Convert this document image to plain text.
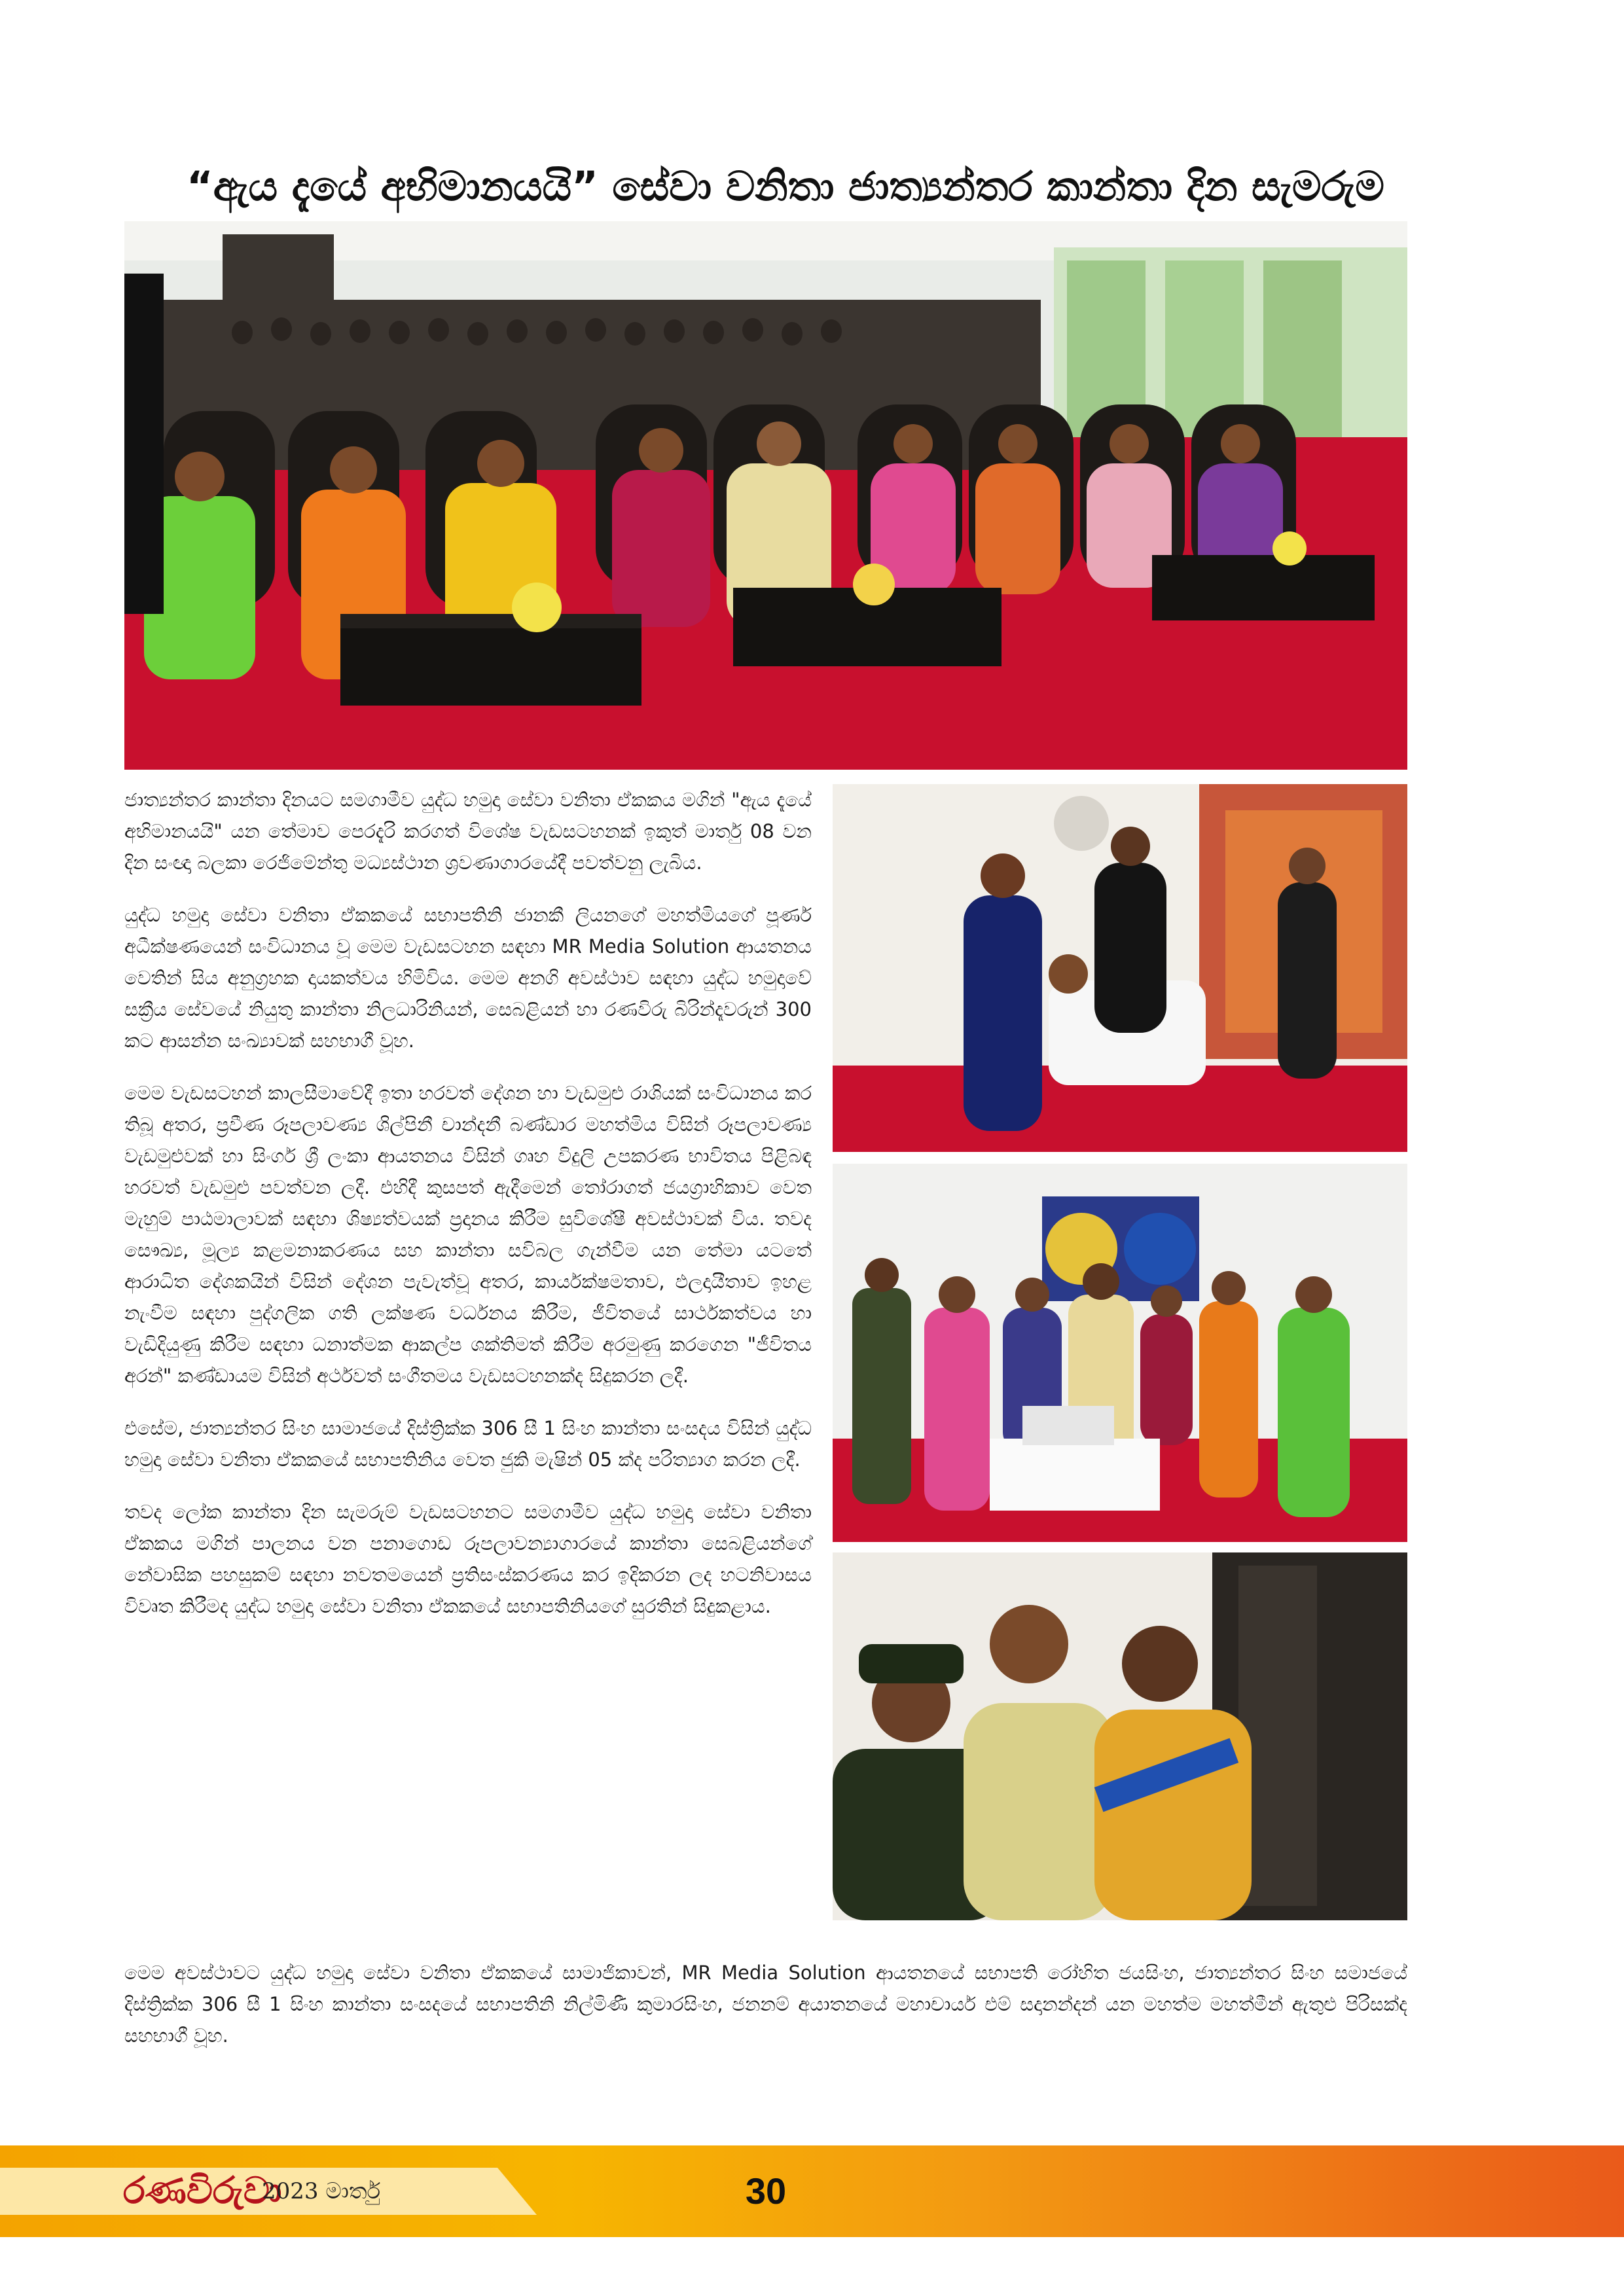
“ඇය දැයේ අභිමානයයි” සේවා වනිතා ජාත්‍යන්තර කාන්තා දින සැමරුම

ජාත්‍යන්තර කාන්තා දිනයට සමගාමීව යුද්ධ හමුදා සේවා වනිතා ඒකකය මගින් "ඇය දැයේ අභිමානයයි" යන තේමාව පෙරදැරි කරගත් විශේෂ වැඩසටහනක් ඉකුත් මාර්තු 08 වන දින සංඥා බලකා රෙජිමේන්තු මධ්‍යස්ථාන ශ්‍රවණාගාරයේදී පවත්වනු ලැබිය.

යුද්ධ හමුදා සේවා වනිතා ඒකකයේ සභාපතිනි ජානකී ලියනගේ මහත්මියගේ පූර්ණ අධීක්ෂණයෙන් සංවිධානය වූ මෙම වැඩසටහන සඳහා MR Media Solution ආයතනය වෙතින් සිය අනුග්‍රහක දායකත්වය හිමිවිය. මෙම අනගි අවස්ථාව සඳහා යුද්ධ හමුදාවේ සක්‍රීය සේවයේ නියුතු කාන්තා නිලධාරිනියන්, සෙබළියන් හා රණවිරු බිරින්දෑවරුන් 300 කට ආසන්න සංඛ්‍යාවක් සහභාගී වූහ.

මෙම වැඩසටහන් කාලසීමාවේදී ඉතා හරවත් දේශන හා වැඩමුළු රාශියක් සංවිධානය කර තිබූ අතර, ප්‍රවීණ රූපලාවණ්‍ය ශිල්පිනී චාන්දනී බණ්ඩාර මහත්මිය විසින් රූපලාවණ්‍ය වැඩමුළුවක් හා සිංගර් ශ්‍රී ලංකා ආයතනය විසින් ගෘහ විදුලි උපකරණ භාවිතය පිළිබඳ හරවත් වැඩමුළු පවත්වන ලදී. එහිදී කුසපත් ඇදීමෙන් තෝරාගත් ජයග්‍රාහිකාව වෙත මැහුම් පාඨමාලාවක් සඳහා ශිෂ්‍යත්වයක් ප්‍රදානය කිරීම සුවිශේෂී අවස්ථාවක් විය. තවද සෞඛ්‍ය, මූල්‍ය කළමනාකරණය සහ කාන්තා සවිබල ගැන්වීම යන තේමා යටතේ ආරාධිත දේශකයින් විසින් දේශන පැවැත්වූ අතර, කාර්යක්ෂමතාව, ඵලදායීතාව ඉහළ නැංවීම සඳහා පුද්ගලික ගති ලක්ෂණ වර්ධනය කිරීම, ජීවිතයේ සාර්ථකත්වය හා වැඩිදියුණු කිරීම සඳහා ධනාත්මක ආකල්ප ශක්තිමත් කිරීම අරමුණු කරගෙන "ජීවිතය අරන්" කණ්ඩායම විසින් අර්ථවත් සංගීතමය වැඩසටහනක්ද සිදුකරන ලදී.

එසේම, ජාත්‍යන්තර සිංහ සාමාජයේ දිස්ත්‍රික්ක 306 සී 1 සිංහ කාන්තා සංසදය විසින් යුද්ධ හමුදා සේවා වනිතා ඒකකයේ සභාපතිනිය වෙත ජුකි මැෂින් 05 ක්ද පරිත්‍යාග කරන ලදී.

තවද ලෝක කාන්තා දින සැමරුම් වැඩසටහනට සමගාමීව යුද්ධ හමුදා සේවා වනිතා ඒකකය මගින් පාලනය වන පනාගොඩ රූපලාවන්‍යාගාරයේ කාන්තා සෙබළියන්ගේ නේවාසික පහසුකම් සඳහා නවතමයෙන් ප්‍රතිසංස්කරණය කර ඉදිකරන ලද හටනිවාසය විවෘත කිරීමද යුද්ධ හමුදා සේවා වනිතා ඒකකයේ සභාපතිනියගේ සුරතින් සිදුකළාය.

මෙම අවස්ථාවට යුද්ධ හමුදා සේවා වනිතා ඒකකයේ සාමාජිකාවන්, MR Media Solution ආයතනයේ සභාපති රෝහිත ජයසිංහ, ජාත්‍යන්තර සිංහ සමාජයේ දිස්ත්‍රික්ක 306 සී 1 සිංහ කාන්තා සංසදයේ සභාපතිනි නිල්මිණී කුමාරසිංහ, ජනනම් අයාතනයේ මහාචාර්ය එම් සදානන්දන් යන මහත්ම මහත්මීන් ඇතුළු පිරිසක්ද සහභාගී වූහ.

රණවිරුවා
2023 මාර්තු	30
